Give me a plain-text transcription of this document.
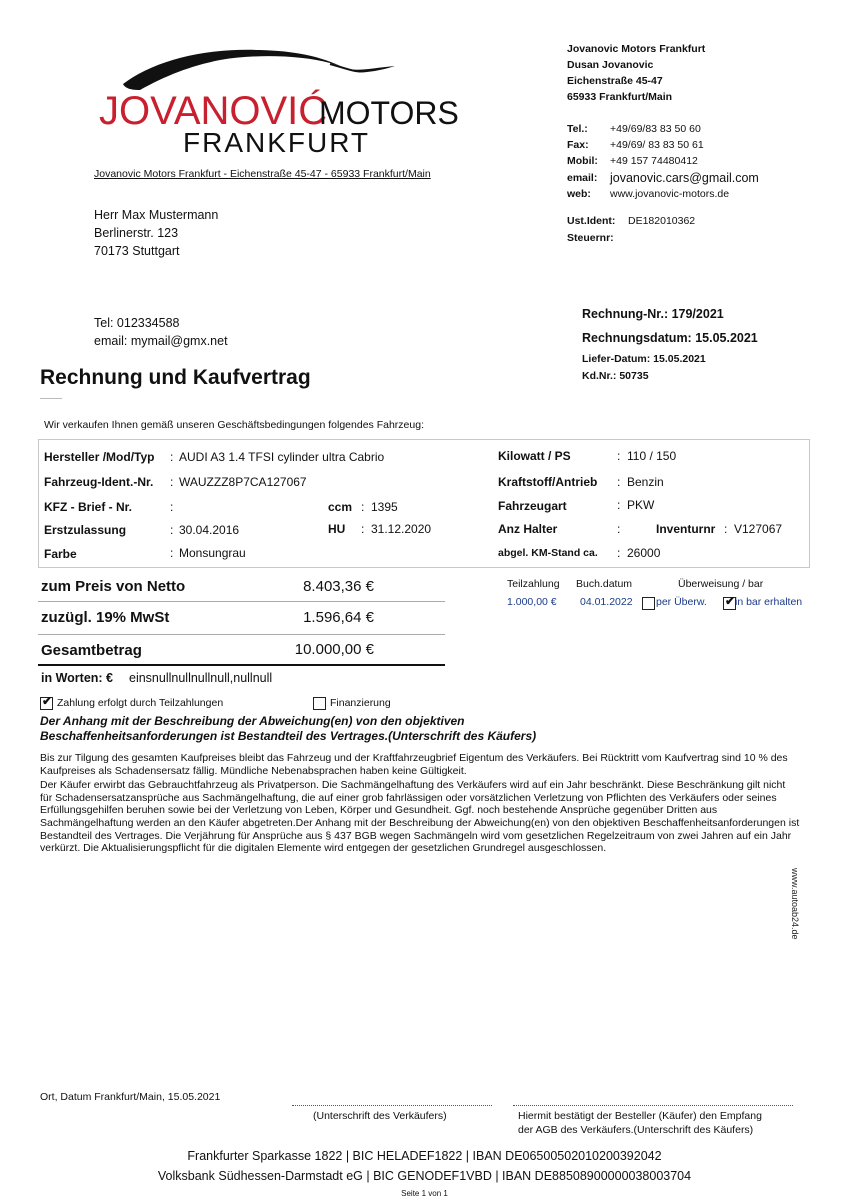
JOVANOVIĆ
MOTORS
FRANKFURT
Jovanovic Motors Frankfurt - Eichenstraße 45-47 - 65933 Frankfurt/Main
Herr Max Mustermann
Berlinerstr. 123
70173 Stuttgart
Tel: 012334588
email: mymail@gmx.net
Jovanovic Motors Frankfurt
Dusan Jovanovic
Eichenstraße 45-47
65933 Frankfurt/Main
Tel.: +49/69/83 83 50 60
Fax: +49/69/ 83 83 50 61
Mobil: +49 157 74480412
email: jovanovic.cars@gmail.com
web: www.jovanovic-motors.de
Ust.Ident: DE182010362
Steuernr:
Rechnung-Nr.: 179/2021
Rechnungsdatum: 15.05.2021
Liefer-Datum: 15.05.2021
Kd.Nr.: 50735
Rechnung und Kaufvertrag
Wir verkaufen Ihnen gemäß unseren Geschäftsbedingungen folgendes Fahrzeug:
Hersteller /Mod/Typ : AUDI A3 1.4 TFSI cylinder ultra Cabrio
Fahrzeug-Ident.-Nr. : WAUZZZ8P7CA127067
KFZ - Brief - Nr.	:	ccm : 1395
Erstzulassung	: 30.04.2016	HU : 31.12.2020
Farbe	: Monsungrau
Kilowatt / PS	: 110 / 150
Kraftstoff/Antrieb : Benzin
Fahrzeugart	: PKW
Anz Halter	:	Inventurnr : V127067
abgel. KM-Stand ca. : 26000
zum Preis von Netto	8.403,36 €
zuzügl. 19% MwSt	1.596,64 €
Gesamtbetrag	10.000,00 €
in Worten: € einsnullnullnullnull,nullnull
Teilzahlung Buch.datum	Überweisung / bar
1.000,00 € 04.01.2022 per Überw. ✔ in bar erhalten
✔ Zahlung erfolgt durch Teilzahlungen	Finanzierung
Der Anhang mit der Beschreibung der Abweichung(en) von den objektiven
Beschaffenheitsanforderungen ist Bestandteil des Vertrages.(Unterschrift des Käufers)

Bis zur Tilgung des gesamten Kaufpreises bleibt das Fahrzeug und der Kraftfahrzeugbrief Eigentum des Verkäufers. Bei Rücktritt vom Kaufvertrag sind 10 % des Kaufpreises als Schadensersatz fällig. Mündliche Nebenabsprachen haben keine Gültigkeit.

Der Käufer erwirbt das Gebrauchtfahrzeug als Privatperson. Die Sachmängelhaftung des Verkäufers wird auf ein Jahr beschränkt. Diese Beschränkung gilt nicht für Schadensersatzansprüche aus Sachmängelhaftung, die auf einer grob fahrlässigen oder vorsätzlichen Verletzung von Pflichten des Verkäufers oder seines Erfüllungsgehilfen beruhen sowie bei der Verletzung von Leben, Körper und Gesundheit. Ggf. noch bestehende Ansprüche gegenüber Dritten aus Sachmängelhaftung werden an den Käufer abgetreten.Der Anhang mit der Beschreibung der Abweichung(en) von den objektiven Beschaffenheitsanforderungen ist Bestandteil des Vertrages. Die Verjährung für Ansprüche aus § 437 BGB wegen Sachmängeln wird vom gesetzlichen Regelzeitraum von zwei Jahren auf ein Jahr verkürzt. Die Aktualisierungspflicht für die digitalen Elemente wird entgegen der gesetzlichen Grundregel ausgeschlossen.

www.autoab24.de
Ort, Datum Frankfurt/Main, 15.05.2021
(Unterschrift des Verkäufers)	Hiermit bestätigt der Besteller (Käufer) den Empfang
der AGB des Verkäufers.(Unterschrift des Käufers)
Frankfurter Sparkasse 1822 | BIC HELADEF1822 | IBAN DE06500502010200392042
Volksbank Südhessen-Darmstadt eG | BIC GENODEF1VBD | IBAN DE88508900000038003704
Seite 1 von 1
